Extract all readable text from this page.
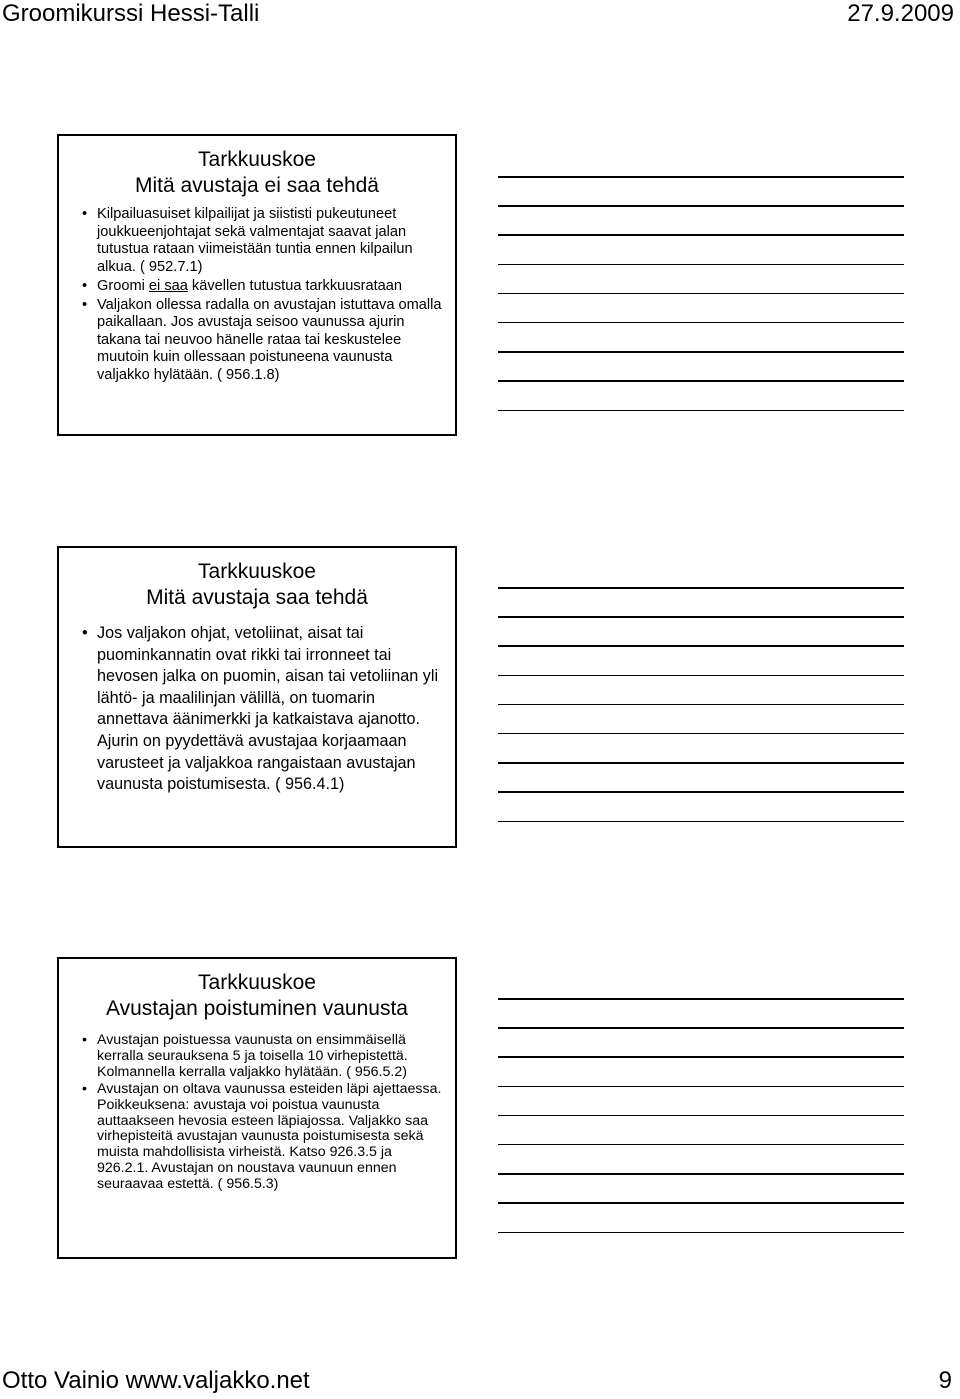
Groomikurssi Hessi-Talli	27.9.2009
Tarkkuuskoe
Mitä avustaja ei saa tehdä
• Kilpailuasuiset kilpailijat ja siististi pukeutuneet joukkueenjohtajat sekä valmentajat saavat jalan tutustua rataan viimeistään tuntia ennen kilpailun alkua. ( 952.7.1)
• Groomi ei saa kävellen tutustua tarkkuusrataan
• Valjakon ollessa radalla on avustajan istuttava omalla paikallaan. Jos avustaja seisoo vaunussa ajurin takana tai neuvoo hänelle rataa tai keskustelee muutoin kuin ollessaan poistuneena vaunusta valjakko hylätään. ( 956.1.8)
Tarkkuuskoe
Mitä avustaja saa tehdä
• Jos valjakon ohjat, vetoliinat, aisat tai puominkannatin ovat rikki tai irronneet tai hevosen jalka on puomin, aisan tai vetoliinan yli lähtö- ja maalilinjan välillä, on tuomarin annettava äänimerkki ja katkaistava ajanotto. Ajurin on pyydettävä avustajaa korjaamaan varusteet ja valjakkoa rangaistaan avustajan vaunusta poistumisesta. ( 956.4.1)
Tarkkuuskoe
Avustajan poistuminen vaunusta
• Avustajan poistuessa vaunusta on ensimmäisellä kerralla seurauksena 5 ja toisella 10 virhepistettä. Kolmannella kerralla valjakko hylätään. ( 956.5.2)
• Avustajan on oltava vaunussa esteiden läpi ajettaessa. Poikkeuksena: avustaja voi poistua vaunusta auttaakseen hevosia esteen läpiajossa. Valjakko saa virhepisteitä avustajan vaunusta poistumisesta sekä muista mahdollisista virheistä. Katso 926.3.5 ja 926.2.1. Avustajan on noustava vaunuun ennen seuraavaa estettä. ( 956.5.3)
Otto Vainio www.valjakko.net	9
